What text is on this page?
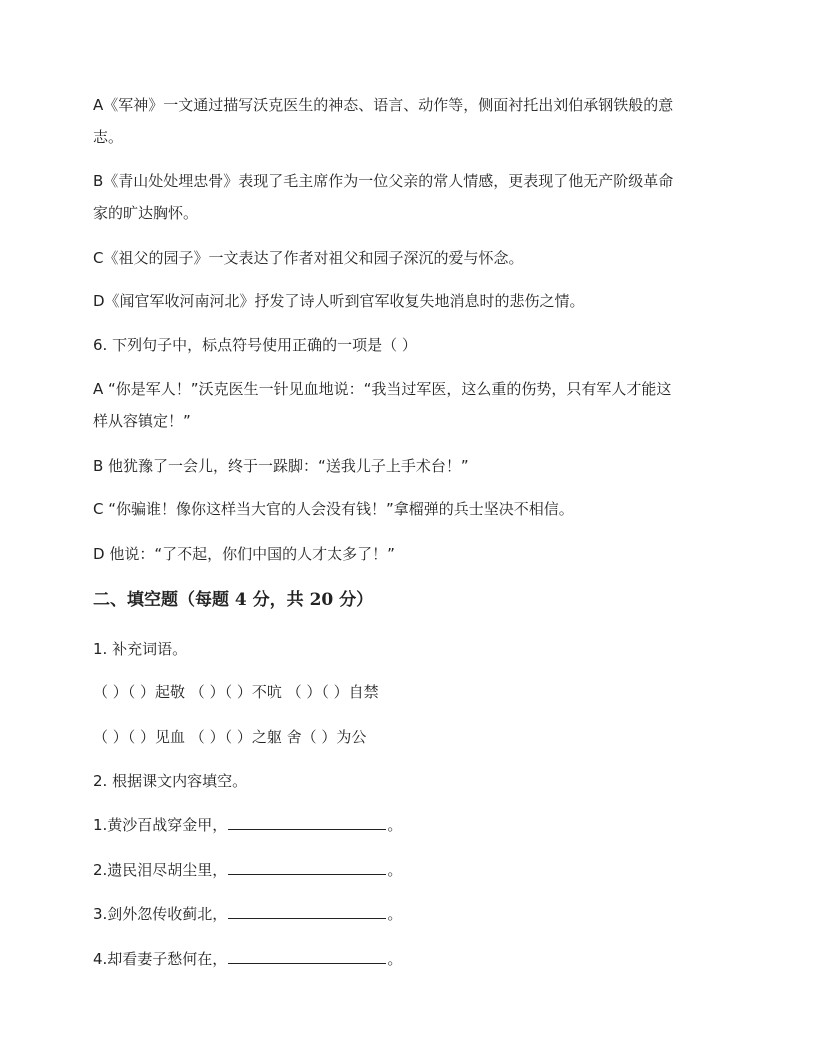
A《军神》一文通过描写沃克医生的神态、语言、动作等，侧面衬托出刘伯承钢铁般的意
志。
B《青山处处埋忠骨》表现了毛主席作为一位父亲的常人情感，更表现了他无产阶级革命
家的旷达胸怀。
C《祖父的园子》一文表达了作者对祖父和园子深沉的爱与怀念。
D《闻官军收河南河北》抒发了诗人听到官军收复失地消息时的悲伤之情。
6. 下列句子中，标点符号使用正确的一项是（ ）
A “你是军人！”沃克医生一针见血地说：“我当过军医，这么重的伤势，只有军人才能这
样从容镇定！”
B 他犹豫了一会儿，终于一跺脚：“送我儿子上手术台！”
C “你骗谁！像你这样当大官的人会没有钱！”拿榴弹的兵士坚决不相信。
D 他说：“了不起，你们中国的人才太多了！”
二、填空题（每题 4 分，共 20 分）
1. 补充词语。
（ ）（ ）起敬 （ ）（ ）不吭 （ ）（ ）自禁
（ ）（ ）见血 （ ）（ ）之躯 舍（ ）为公
2. 根据课文内容填空。
1.黄沙百战穿金甲，	。
2.遗民泪尽胡尘里，	。
3.剑外忽传收蓟北，	。
4.却看妻子愁何在，	。
